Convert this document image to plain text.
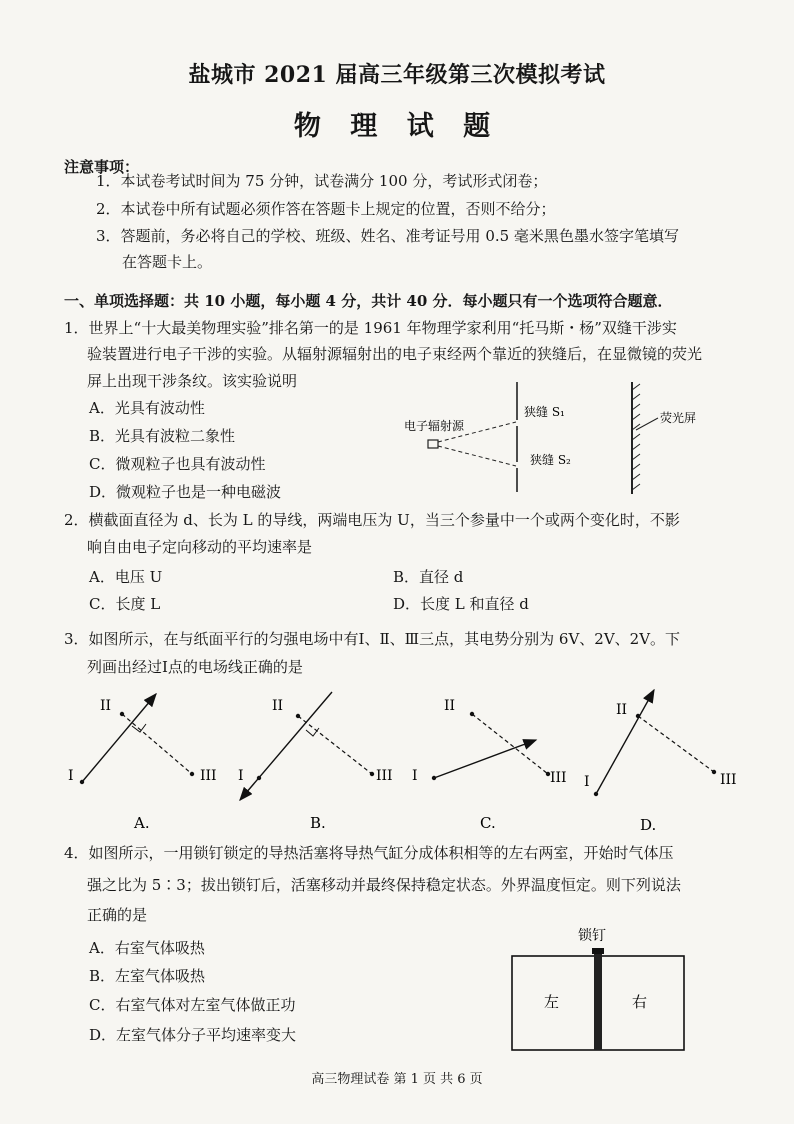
盐城市 2021 届高三年级第三次模拟考试
物 理 试 题
注意事项：
1．本试卷考试时间为 75 分钟，试卷满分 100 分，考试形式闭卷；
2．本试卷中所有试题必须作答在答题卡上规定的位置，否则不给分；
3．答题前，务必将自己的学校、班级、姓名、准考证号用 0.5 毫米黑色墨水签字笔填写
在答题卡上。
一、单项选择题：共 10 小题，每小题 4 分，共计 40 分．每小题只有一个选项符合题意．
1．世界上“十大最美物理实验”排名第一的是 1961 年物理学家利用“托马斯・杨”双缝干涉实
验装置进行电子干涉的实验。从辐射源辐射出的电子束经两个靠近的狭缝后，在显微镜的荧光
屏上出现干涉条纹。该实验说明
A．光具有波动性
B．光具有波粒二象性
C．微观粒子也具有波动性
D．微观粒子也是一种电磁波
电子辐射源
狭缝 S₁
狭缝 S₂
荧光屏
2．横截面直径为 d、长为 L 的导线，两端电压为 U，当三个参量中一个或两个变化时，不影
响自由电子定向移动的平均速率是
A．电压 U	B．直径 d
C．长度 L	D．长度 L 和直径 d
3．如图所示，在与纸面平行的匀强电场中有Ⅰ、Ⅱ、Ⅲ三点，其电势分别为 6V、2V、2V。下
列画出经过Ⅰ点的电场线正确的是
I
II
III
A.
I
II
III
B.
I
II
III
C.
I
II
III
D.
4．如图所示，一用锁钉锁定的导热活塞将导热气缸分成体积相等的左右两室，开始时气体压
强之比为 5∶3；拔出锁钉后，活塞移动并最终保持稳定状态。外界温度恒定。则下列说法
正确的是
A．右室气体吸热
B．左室气体吸热
C．右室气体对左室气体做正功
D．左室气体分子平均速率变大
锁钉
左	右
高三物理试卷 第 1 页 共 6 页
